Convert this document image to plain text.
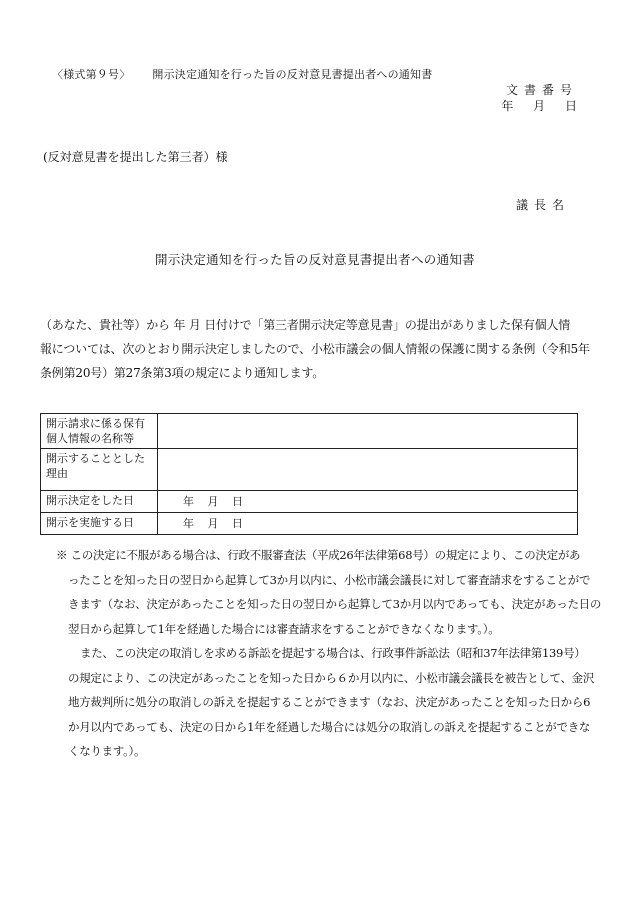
〈様式第９号〉 開示決定通知を行った旨の反対意見書提出者への通知書
文書番号
年 月 日
(反対意見書を提出した第三者）様
議長名
開示決定通知を行った旨の反対意見書提出者への通知書
（あなた、貴社等）から 年 月 日付けで「第三者開示決定等意見書」の提出がありました保有個人情
報については、次のとおり開示決定しましたので、小松市議会の個人情報の保護に関する条例（令和5年
条例第20号）第27条第3項の規定により通知します。
開示請求に係る保有個人情報の名称等	
開示することとした理由	
開示決定をした日	年 月 日
開示を実施する日	年 月 日
※ この決定に不服がある場合は、行政不服審査法（平成26年法律第68号）の規定により、この決定があ
ったことを知った日の翌日から起算して3か月以内に、小松市議会議長に対して審査請求をすることがで
きます（なお、決定があったことを知った日の翌日から起算して3か月以内であっても、決定があった日の
翌日から起算して1年を経過した場合には審査請求をすることができなくなります。）。
また、この決定の取消しを求める訴訟を提起する場合は、行政事件訴訟法（昭和37年法律第139号）
の規定により、この決定があったことを知った日から６か月以内に、小松市議会議長を被告として、金沢
地方裁判所に処分の取消しの訴えを提起することができます（なお、決定があったことを知った日から6
か月以内であっても、決定の日から1年を経過した場合には処分の取消しの訴えを提起することができな
くなります。）。
